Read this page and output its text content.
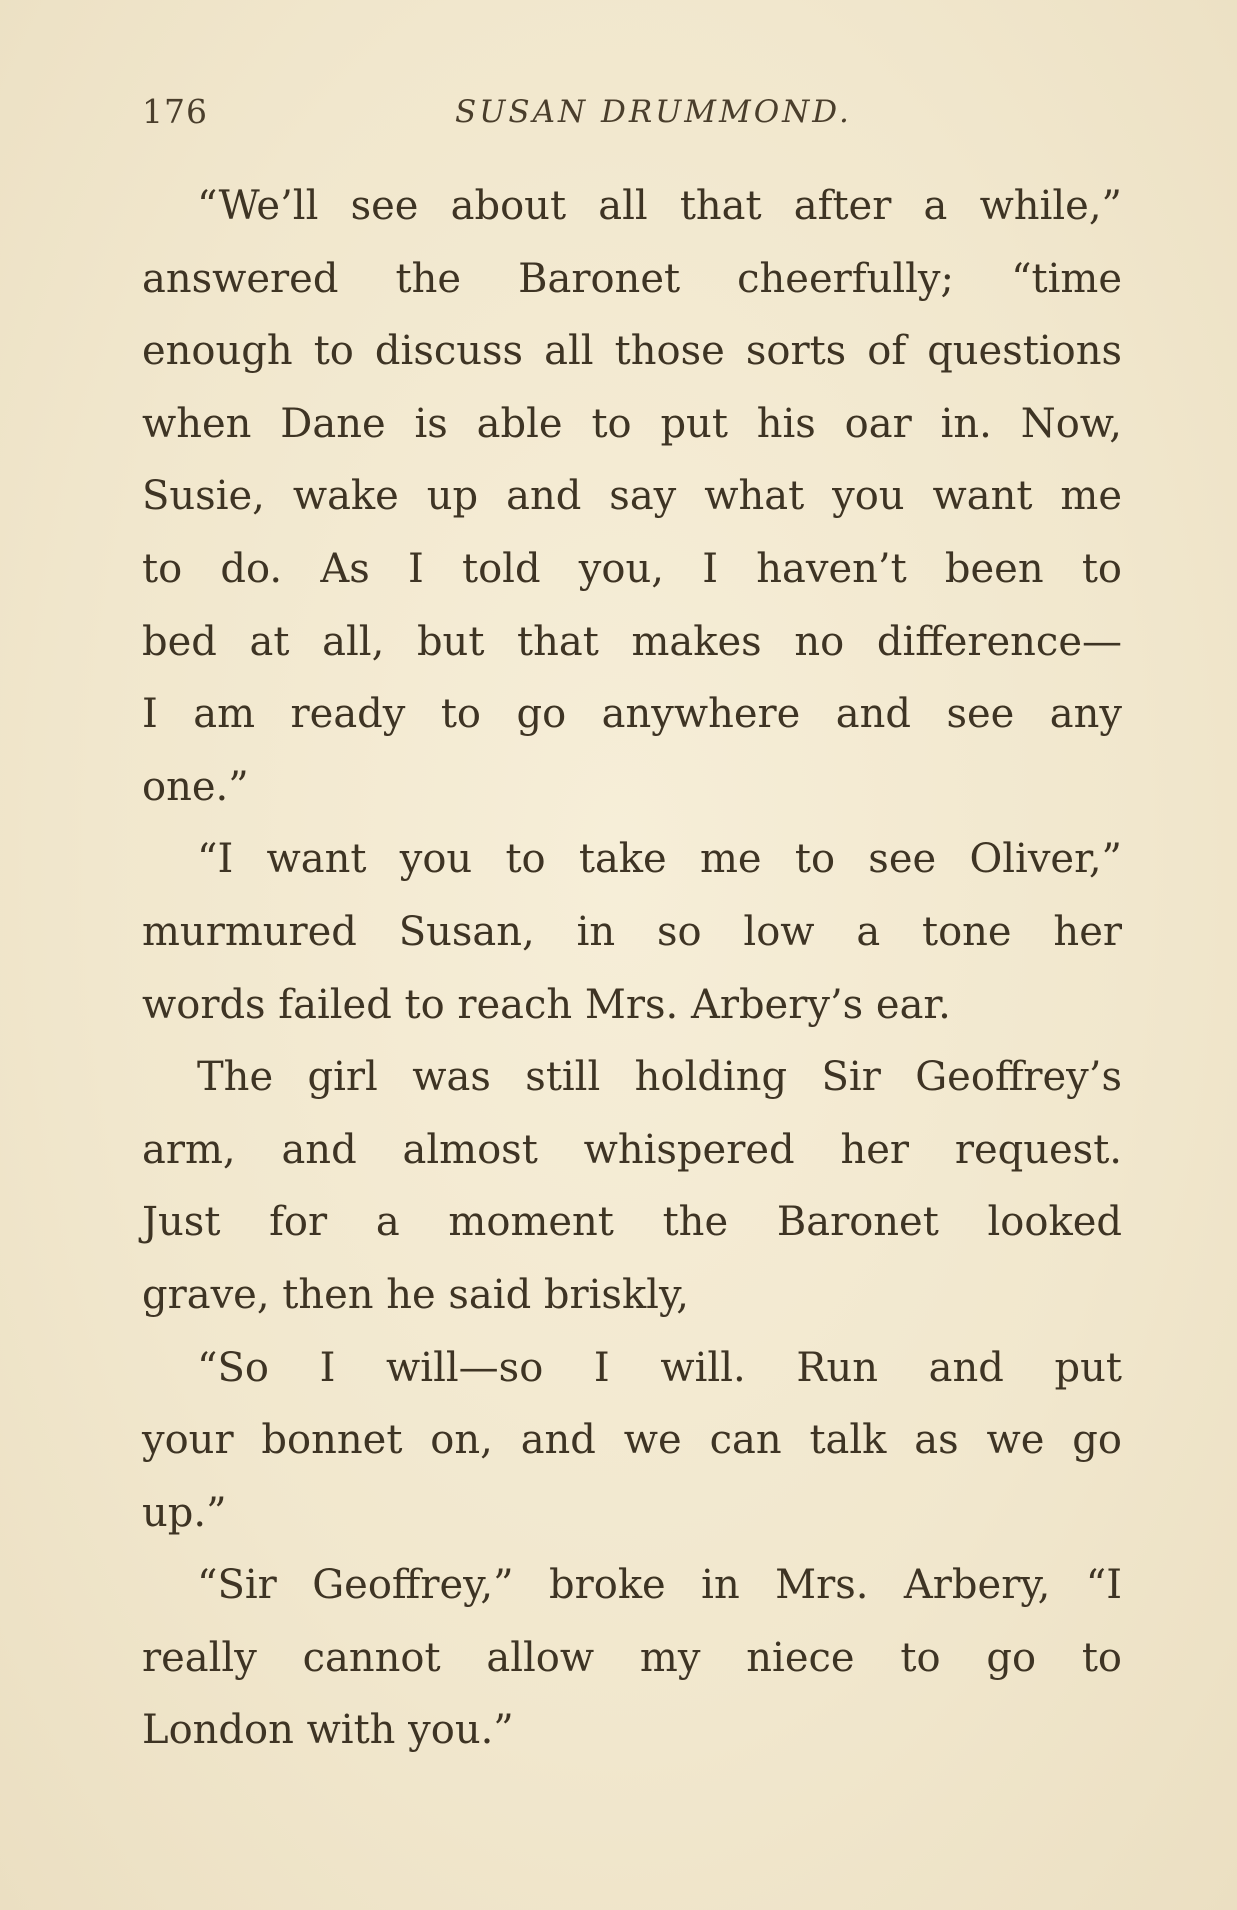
176	SUSAN DRUMMOND.
“We’ll see about all that after a while,”
answered the Baronet cheerfully; “time
enough to discuss all those sorts of questions
when Dane is able to put his oar in. Now,
Susie, wake up and say what you want me
to do. As I told you, I haven’t been to
bed at all, but that makes no difference—
I am ready to go anywhere and see any
one.”
“I want you to take me to see Oliver,”
murmured Susan, in so low a tone her
words failed to reach Mrs. Arbery’s ear.
The girl was still holding Sir Geoffrey’s
arm, and almost whispered her request.
Just for a moment the Baronet looked
grave, then he said briskly,
“So I will—so I will. Run and put
your bonnet on, and we can talk as we go
up.”
“Sir Geoffrey,” broke in Mrs. Arbery, “I
really cannot allow my niece to go to
London with you.”
